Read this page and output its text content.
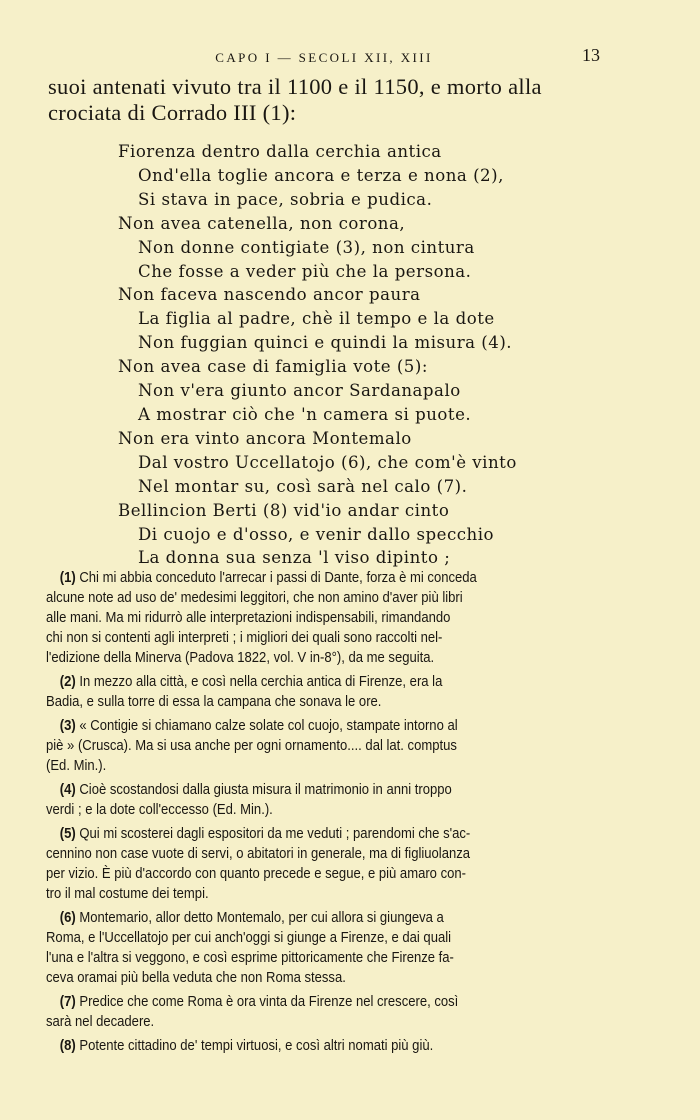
CAPO I — SECOLI XII, XIII	13
suoi antenati vivuto tra il 1100 e il 1150, e morto alla
crociata di Corrado III (1):
Fiorenza dentro dalla cerchia antica
Ond'ella toglie ancora e terza e nona (2),
Si stava in pace, sobria e pudica.
Non avea catenella, non corona,
Non donne contigiate (3), non cintura
Che fosse a veder più che la persona.
Non faceva nascendo ancor paura
La figlia al padre, chè il tempo e la dote
Non fuggian quinci e quindi la misura (4).
Non avea case di famiglia vote (5):
Non v'era giunto ancor Sardanapalo
A mostrar ciò che 'n camera si puote.
Non era vinto ancora Montemalo
Dal vostro Uccellatojo (6), che com'è vinto
Nel montar su, così sarà nel calo (7).
Bellincion Berti (8) vid'io andar cinto
Di cuojo e d'osso, e venir dallo specchio
La donna sua senza 'l viso dipinto ;
(1) Chi mi abbia conceduto l'arrecar i passi di Dante, forza è mi conceda
alcune note ad uso de' medesimi leggitori, che non amino d'aver più libri
alle mani. Ma mi ridurrò alle interpretazioni indispensabili, rimandando
chi non si contenti agli interpreti ; i migliori dei quali sono raccolti nel-
l'edizione della Minerva (Padova 1822, vol. V in-8°), da me seguita.
(2) In mezzo alla città, e così nella cerchia antica di Firenze, era la
Badia, e sulla torre di essa la campana che sonava le ore.
(3) « Contigie si chiamano calze solate col cuojo, stampate intorno al
piè » (Crusca). Ma si usa anche per ogni ornamento.... dal lat. comptus
(Ed. Min.).
(4) Cioè scostandosi dalla giusta misura il matrimonio in anni troppo
verdi ; e la dote coll'eccesso (Ed. Min.).
(5) Qui mi scosterei dagli espositori da me veduti ; parendomi che s'ac-
cennino non case vuote di servi, o abitatori in generale, ma di figliuolanza
per vizio. È più d'accordo con quanto precede e segue, e più amaro con-
tro il mal costume dei tempi.
(6) Montemario, allor detto Montemalo, per cui allora si giungeva a
Roma, e l'Uccellatojo per cui anch'oggi si giunge a Firenze, e dai quali
l'una e l'altra si veggono, e così esprime pittoricamente che Firenze fa-
ceva oramai più bella veduta che non Roma stessa.
(7) Predice che come Roma è ora vinta da Firenze nel crescere, così
sarà nel decadere.
(8) Potente cittadino de' tempi virtuosi, e così altri nomati più giù.
